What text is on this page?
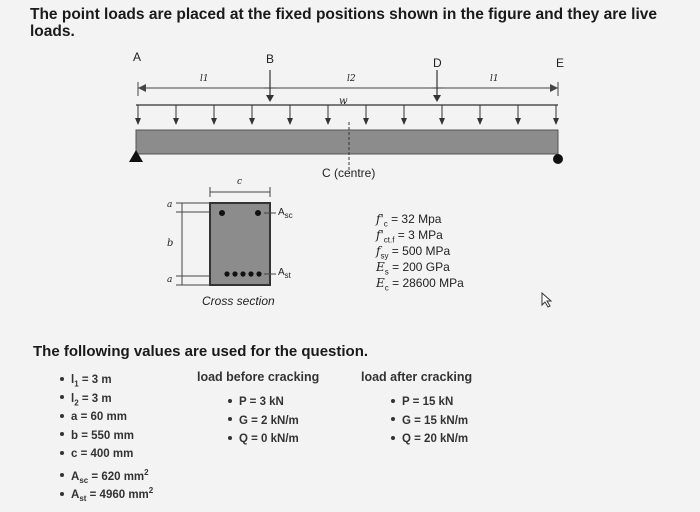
The point loads are placed at the fixed positions shown in the figure and they are live loads.
A	B	D	E
l1	l2	l1
w
C (centre)
c
a
b
a
$A_{sc}$
$A_{st}$
Cross section
$f'_c = 32$ Mpa
$f'_{ct.f} = 3$ MPa
$f_{sy} = 500$ MPa
$E_s = 200$ GPa
$E_c = 28600$ MPa
The following values are used for the question.
$l_1 = 3$ m
$l_2 = 3$ m
a = 60 mm
b = 550 mm
c = 400 mm
$A_{sc} = 620$ $mm^2$
$A_{st} = 4960$ $mm^2$
load before cracking
P = 3 kN
G = 2 kN/m
Q = 0 kN/m
load after cracking
P = 15 kN
G = 15 kN/m
Q = 20 kN/m
